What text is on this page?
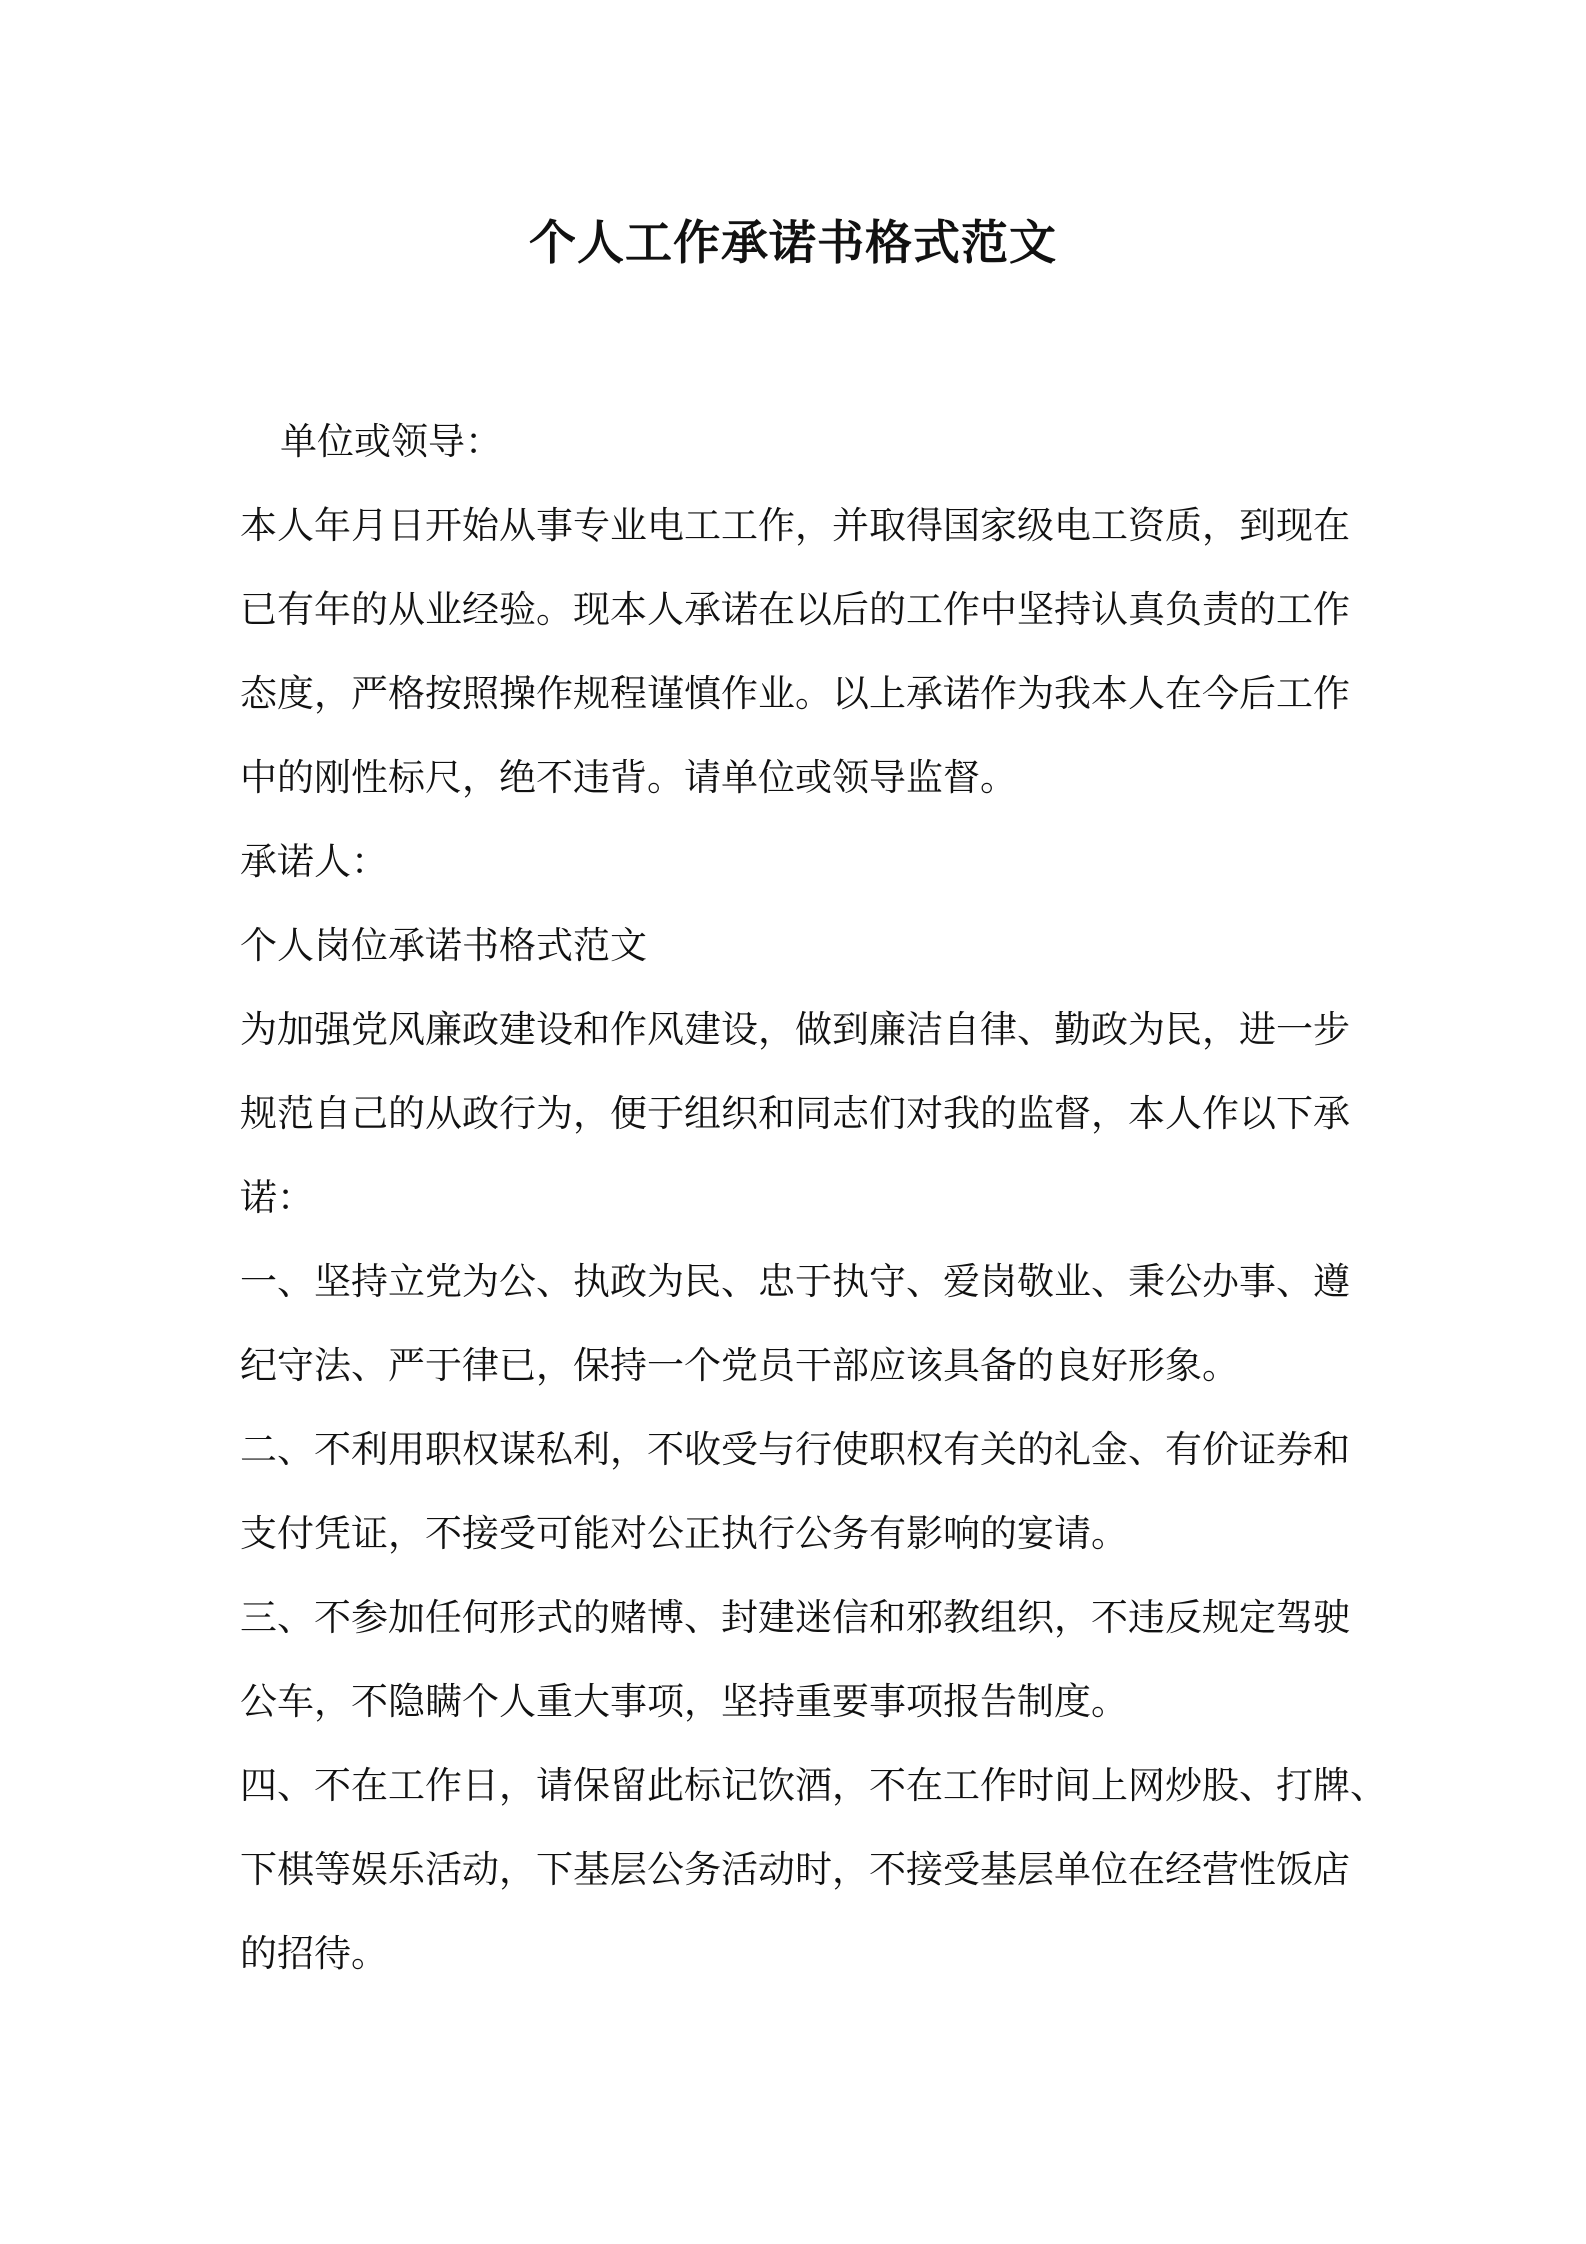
个人工作承诺书格式范文
单位或领导：
本人年月日开始从事专业电工工作，并取得国家级电工资质，到现在
已有年的从业经验。现本人承诺在以后的工作中坚持认真负责的工作
态度，严格按照操作规程谨慎作业。以上承诺作为我本人在今后工作
中的刚性标尺，绝不违背。请单位或领导监督。
承诺人：
个人岗位承诺书格式范文
为加强党风廉政建设和作风建设，做到廉洁自律、勤政为民，进一步
规范自己的从政行为，便于组织和同志们对我的监督，本人作以下承
诺：
一、坚持立党为公、执政为民、忠于执守、爱岗敬业、秉公办事、遵
纪守法、严于律已，保持一个党员干部应该具备的良好形象。
二、不利用职权谋私利，不收受与行使职权有关的礼金、有价证券和
支付凭证，不接受可能对公正执行公务有影响的宴请。
三、不参加任何形式的赌博、封建迷信和邪教组织，不违反规定驾驶
公车，不隐瞒个人重大事项，坚持重要事项报告制度。
四、不在工作日，请保留此标记饮酒，不在工作时间上网炒股、打牌、
下棋等娱乐活动，下基层公务活动时，不接受基层单位在经营性饭店
的招待。
